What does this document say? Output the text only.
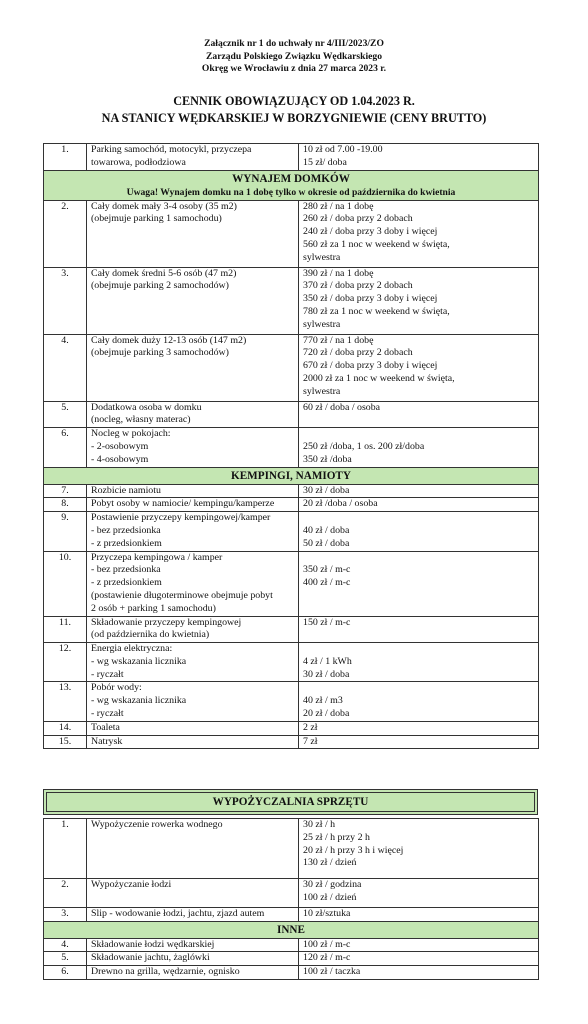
Załącznik nr 1 do uchwały nr 4/III/2023/ZO
Zarządu Polskiego Związku Wędkarskiego
Okręg we Wrocławiu z dnia 27 marca 2023 r.
CENNIK OBOWIĄZUJĄCY OD 1.04.2023 R.
NA STANICY WĘDKARSKIEJ W BORZYGNIEWIE (CENY BRUTTO)
1.	Parking samochód, motocykl, przyczepa
towarowa, podłodziowa	10 zł od 7.00 -19.00
15 zł/ doba

WYNAJEM DOMKÓW
Uwaga! Wynajem domku na 1 dobę tylko w okresie od października do kwietnia		

2.	Cały domek mały 3-4 osoby (35 m2)
(obejmuje parking 1 samochodu)	280 zł / na 1 dobę
260 zł / doba przy 2 dobach
240 zł / doba przy 3 doby i więcej
560 zł za 1 noc w weekend w święta,
sylwestra

3.	Cały domek średni 5-6 osób (47 m2)
(obejmuje parking 2 samochodów)	390 zł / na 1 dobę
370 zł / doba przy 2 dobach
350 zł / doba przy 3 doby i więcej
780 zł za 1 noc w weekend w święta,
sylwestra

4.	Cały domek duży 12-13 osób (147 m2)
(obejmuje parking 3 samochodów)	770 zł / na 1 dobę
720 zł / doba przy 2 dobach
670 zł / doba przy 3 doby i więcej
2000 zł za 1 noc w weekend w święta,
sylwestra

5.	Dodatkowa osoba w domku
(nocleg, własny materac)	60 zł / doba / osoba

6.	Nocleg w pokojach:
- 2-osobowym
- 4-osobowym	250 zł /doba, 1 os. 200 zł/doba
350 zł /doba

KEMPINGI, NAMIOTY		

7.	Rozbicie namiotu	30 zł / doba

8.	Pobyt osoby w namiocie/ kempingu/kamperze	20 zł /doba / osoba

9.	Postawienie przyczepy kempingowej/kamper
- bez przedsionka
- z przedsionkiem	40 zł / doba
50 zł / doba

10.	Przyczepa kempingowa / kamper
- bez przedsionka
- z przedsionkiem
(postawienie długoterminowe obejmuje pobyt
2 osób + parking 1 samochodu)	350 zł / m-c
400 zł / m-c

11.	Składowanie przyczepy kempingowej
(od października do kwietnia)	150 zł / m-c

12.	Energia elektryczna:
- wg wskazania licznika
- ryczałt	4 zł / 1 kWh
30 zł / doba

13.	Pobór wody:
- wg wskazania licznika
- ryczałt	40 zł / m3
20 zł / doba

14.	Toaleta	2 zł

15.	Natrysk	7 zł
WYPOŻYCZALNIA SPRZĘTU
1.	Wypożyczenie rowerka wodnego	30 zł / h
25 zł / h przy 2 h
20 zł / h przy 3 h i więcej
130 zł / dzień

2.	Wypożyczanie łodzi	30 zł / godzina
100 zł / dzień

3.	Slip - wodowanie łodzi, jachtu, zjazd autem	10 zł/sztuka

INNE		

4.	Składowanie łodzi wędkarskiej	100 zł / m-c

5.	Składowanie jachtu, żaglówki	120 zł / m-c

6.	Drewno na grilla, wędzarnie, ognisko	100 zł / taczka
